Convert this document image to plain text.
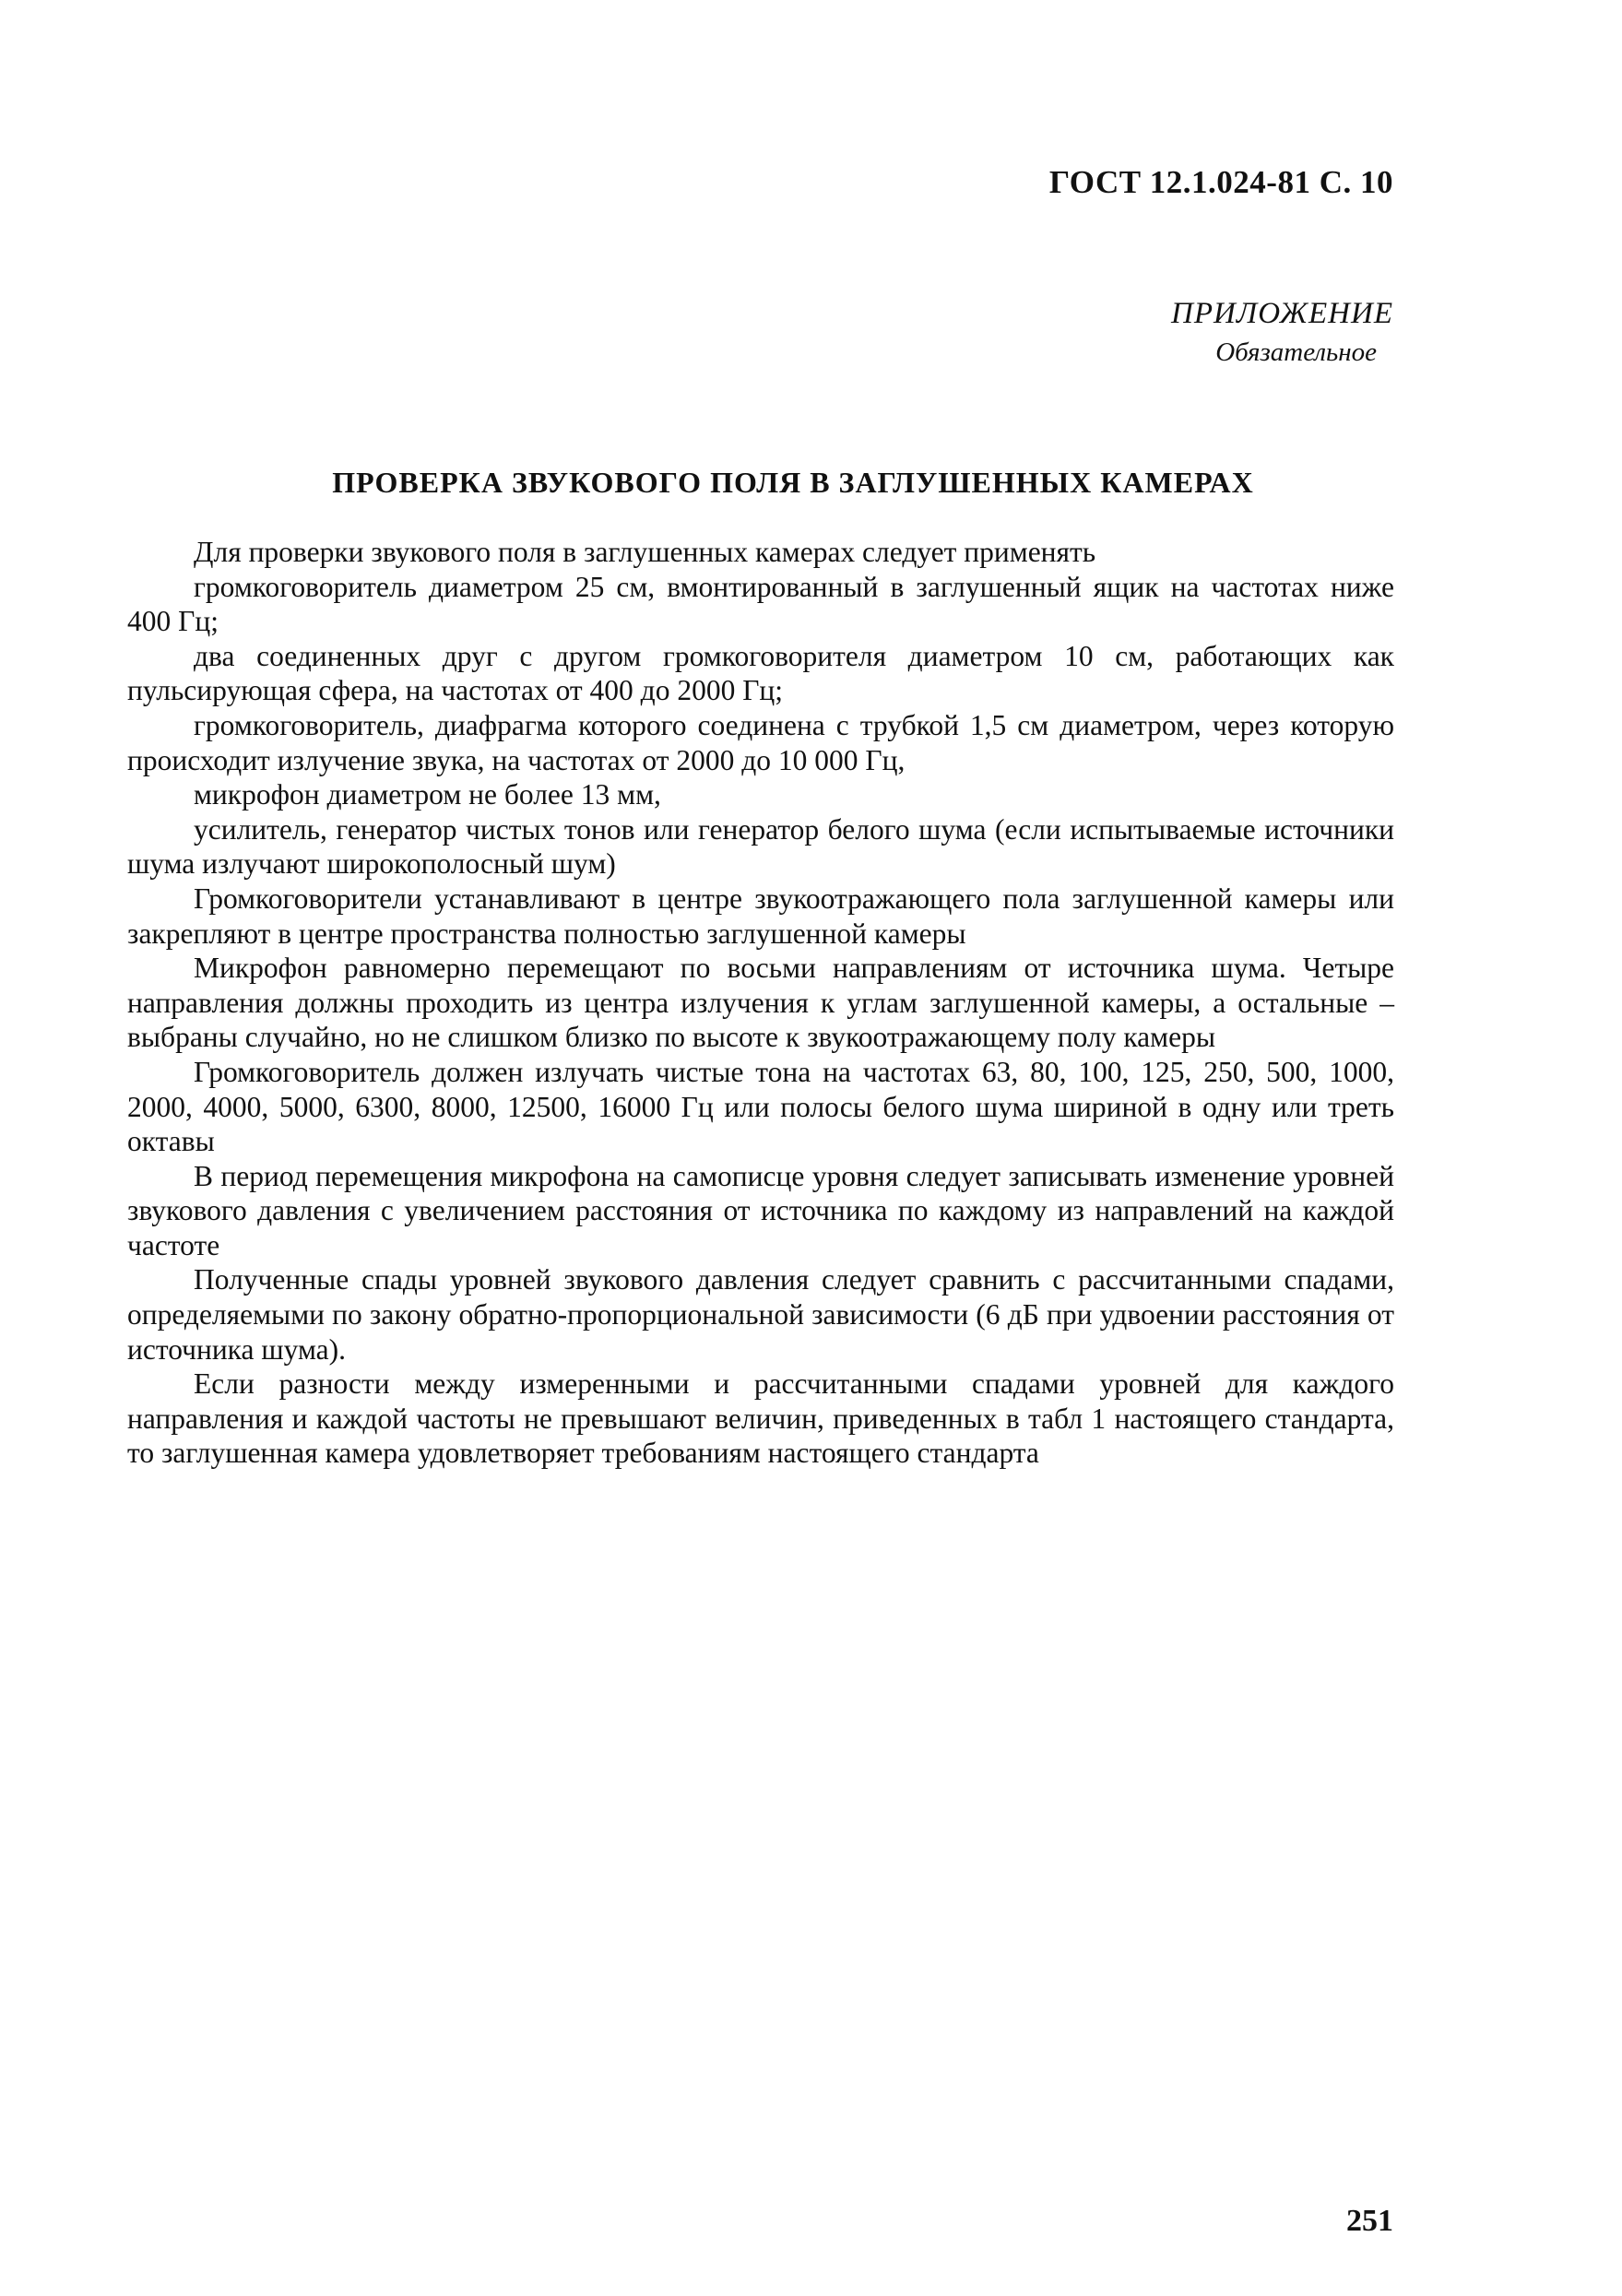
ГОСТ 12.1.024-81 С. 10
ПРИЛОЖЕНИЕ
Обязательное
ПРОВЕРКА ЗВУКОВОГО ПОЛЯ В ЗАГЛУШЕННЫХ КАМЕРАХ

Для проверки звукового поля в заглушенных камерах следует применять

громкоговоритель диаметром 25 см, вмонтированный в заглушенный ящик на частотах ниже 400 Гц;

два соединенных друг с другом громкоговорителя диаметром 10 см, работающих как пульсирующая сфера, на частотах от 400 до 2000 Гц;

громкоговоритель, диафрагма которого соединена с трубкой 1,5 см диаметром, через которую происходит излучение звука, на частотах от 2000 до 10 000 Гц,

микрофон диаметром не более 13 мм,

усилитель, генератор чистых тонов или генератор белого шума (если испытываемые источники шума излучают широкополосный шум)

Громкоговорители устанавливают в центре звукоотражающего пола заглушенной камеры или закрепляют в центре пространства полностью заглушенной камеры

Микрофон равномерно перемещают по восьми направлениям от источника шума. Четыре направления должны проходить из центра излучения к углам заглушенной камеры, а остальные – выбраны случайно, но не слишком близко по высоте к звукоотражающему полу камеры

Громкоговоритель должен излучать чистые тона на частотах 63, 80, 100, 125, 250, 500, 1000, 2000, 4000, 5000, 6300, 8000, 12500, 16000 Гц или полосы белого шума шириной в одну или треть октавы

В период перемещения микрофона на самописце уровня следует записывать изменение уровней звукового давления с увеличением расстояния от источника по каждому из направлений на каждой частоте

Полученные спады уровней звукового давления следует сравнить с рассчитанными спадами, определяемыми по закону обратно-пропорциональной зависимости (6 дБ при удвоении расстояния от источника шума).

Если разности между измеренными и рассчитанными спадами уровней для каждого направления и каждой частоты не превышают величин, приведенных в табл 1 настоящего стандарта, то заглушенная камера удовлетворяет требованиям настоящего стандарта

251
